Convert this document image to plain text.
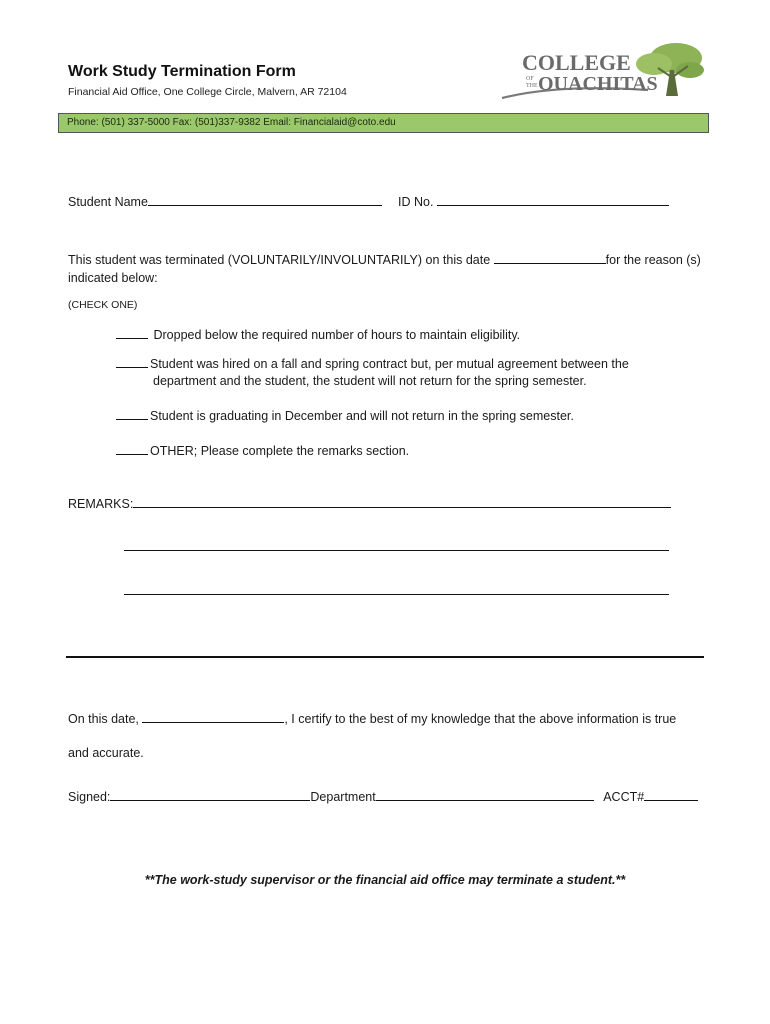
Work Study Termination Form
Financial Aid Office, One College Circle, Malvern, AR 72104
COLLEGE
OF
THE OUACHITAS
Phone: (501) 337-5000 Fax: (501)337-9382 Email: Financialaid@coto.edu
Student Name	ID No.
This student was terminated (VOLUNTARILY/INVOLUNTARILY) on this date	for the reason (s)
indicated below:
(CHECK ONE)
Dropped below the required number of hours to maintain eligibility.
Student was hired on a fall and spring contract but, per mutual agreement between the
department and the student, the student will not return for the spring semester.
Student is graduating in December and will not return in the spring semester.
OTHER; Please complete the remarks section.
REMARKS:
On this date,	, I certify to the best of my knowledge that the above information is true
and accurate.
Signed:	Department	ACCT#
**The work-study supervisor or the financial aid office may terminate a student.**
